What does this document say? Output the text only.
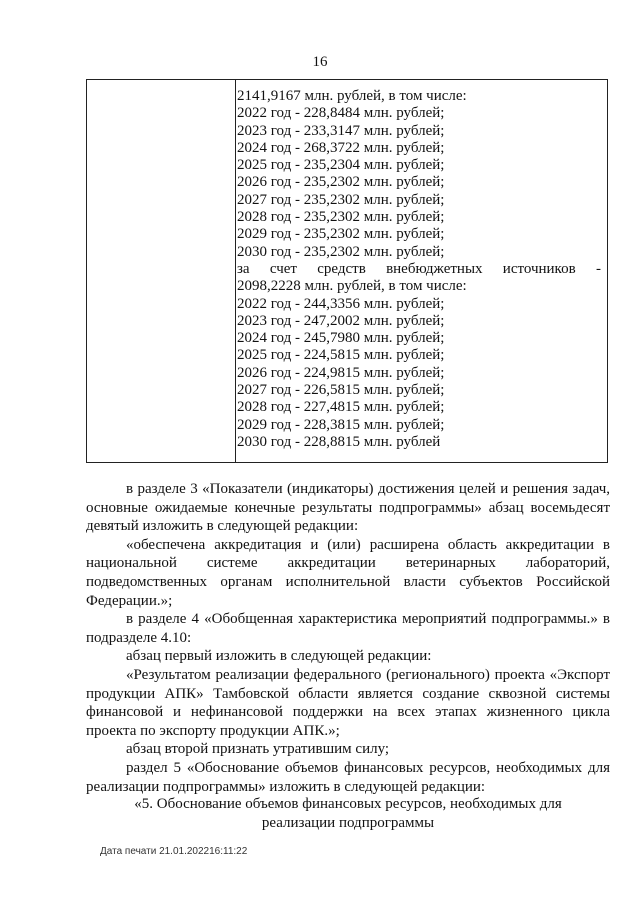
16
2141,9167 млн. рублей, в том числе:
2022 год - 228,8484 млн. рублей;
2023 год - 233,3147 млн. рублей;
2024 год - 268,3722 млн. рублей;
2025 год - 235,2304 млн. рублей;
2026 год - 235,2302 млн. рублей;
2027 год - 235,2302 млн. рублей;
2028 год - 235,2302 млн. рублей;
2029 год - 235,2302 млн. рублей;
2030 год - 235,2302 млн. рублей;
за счет средств внебюджетных источников -
2098,2228 млн. рублей, в том числе:
2022 год - 244,3356 млн. рублей;
2023 год - 247,2002 млн. рублей;
2024 год - 245,7980 млн. рублей;
2025 год - 224,5815 млн. рублей;
2026 год - 224,9815 млн. рублей;
2027 год - 226,5815 млн. рублей;
2028 год - 227,4815 млн. рублей;
2029 год - 228,3815 млн. рублей;
2030 год - 228,8815 млн. рублей

в разделе 3 «Показатели (индикаторы) достижения целей и решения задач, основные ожидаемые конечные результаты подпрограммы» абзац восемьдесят девятый изложить в следующей редакции:

«обеспечена аккредитация и (или) расширена область аккредитации в национальной системе аккредитации ветеринарных лабораторий, подведомственных органам исполнительной власти субъектов Российской Федерации.»;

в разделе 4 «Обобщенная характеристика мероприятий подпрограммы.» в подразделе 4.10:

абзац первый изложить в следующей редакции:

«Результатом реализации федерального (регионального) проекта «Экспорт продукции АПК» Тамбовской области является создание сквозной системы финансовой и нефинансовой поддержки на всех этапах жизненного цикла проекта по экспорту продукции АПК.»;

абзац второй признать утратившим силу;

раздел 5 «Обоснование объемов финансовых ресурсов, необходимых для реализации подпрограммы» изложить в следующей редакции:

«5. Обоснование объемов финансовых ресурсов, необходимых для
реализации подпрограммы
Дата печати 21.01.202216:11:22
